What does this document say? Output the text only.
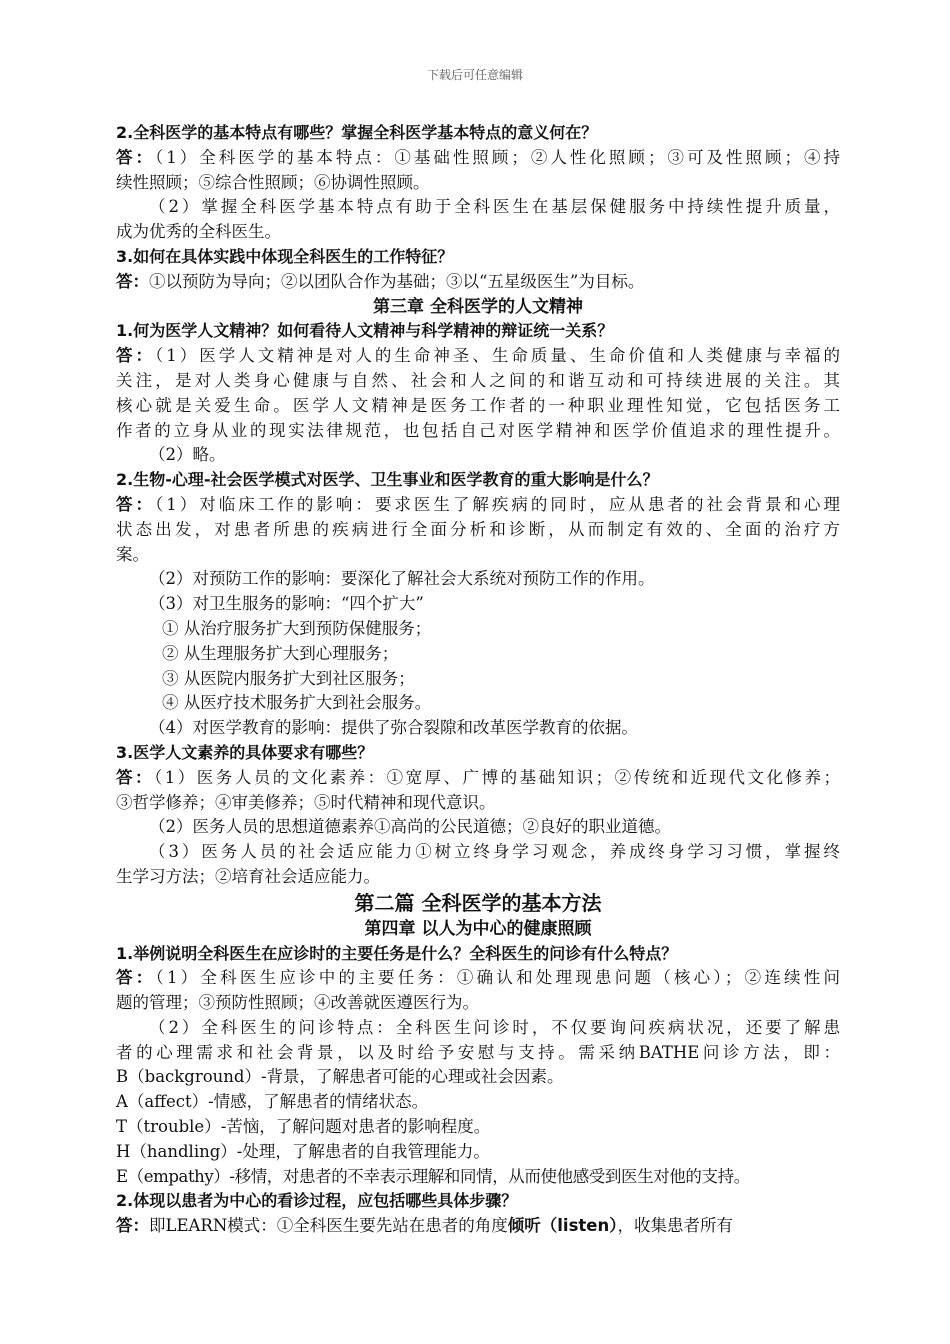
下载后可任意编辑
2.全科医学的基本特点有哪些？掌握全科医学基本特点的意义何在？
答：（1）全科医学的基本特点：①基础性照顾；②人性化照顾；③可及性照顾；④持
续性照顾；⑤综合性照顾；⑥协调性照顾。
（2）掌握全科医学基本特点有助于全科医生在基层保健服务中持续性提升质量，
成为优秀的全科医生。
3.如何在具体实践中体现全科医生的工作特征？
答：①以预防为导向；②以团队合作为基础；③以“五星级医生”为目标。
第三章 全科医学的人文精神
1.何为医学人文精神？如何看待人文精神与科学精神的辩证统一关系？
答：（1）医学人文精神是对人的生命神圣、生命质量、生命价值和人类健康与幸福的
关注，是对人类身心健康与自然、社会和人之间的和谐互动和可持续进展的关注。其
核心就是关爱生命。医学人文精神是医务工作者的一种职业理性知觉，它包括医务工
作者的立身从业的现实法律规范，也包括自己对医学精神和医学价值追求的理性提升。
（2）略。
2.生物-心理-社会医学模式对医学、卫生事业和医学教育的重大影响是什么？
答：（1）对临床工作的影响：要求医生了解疾病的同时，应从患者的社会背景和心理
状态出发，对患者所患的疾病进行全面分析和诊断，从而制定有效的、全面的治疗方
案。
（2）对预防工作的影响：要深化了解社会大系统对预防工作的作用。
（3）对卫生服务的影响：“四个扩大”
① 从治疗服务扩大到预防保健服务；
② 从生理服务扩大到心理服务；
③ 从医院内服务扩大到社区服务；
④ 从医疗技术服务扩大到社会服务。
（4）对医学教育的影响：提供了弥合裂隙和改革医学教育的依据。
3.医学人文素养的具体要求有哪些？
答：（1）医务人员的文化素养：①宽厚、广博的基础知识；②传统和近现代文化修养；
③哲学修养；④审美修养；⑤时代精神和现代意识。
（2）医务人员的思想道德素养①高尚的公民道德；②良好的职业道德。
（3）医务人员的社会适应能力①树立终身学习观念，养成终身学习习惯，掌握终
生学习方法；②培育社会适应能力。
第二篇 全科医学的基本方法
第四章 以人为中心的健康照顾
1.举例说明全科医生在应诊时的主要任务是什么？全科医生的问诊有什么特点？
答：（1）全科医生应诊中的主要任务：①确认和处理现患问题（核心）；②连续性问
题的管理；③预防性照顾；④改善就医遵医行为。
（2）全科医生的问诊特点：全科医生问诊时，不仅要询问疾病状况，还要了解患
者的心理需求和社会背景，以及时给予安慰与支持。需采纳BATHE问诊方法，即：
B（background）-背景，了解患者可能的心理或社会因素。
A（affect）-情感，了解患者的情绪状态。
T（trouble）-苦恼，了解问题对患者的影响程度。
H（handling）-处理，了解患者的自我管理能力。
E（empathy）-移情，对患者的不幸表示理解和同情，从而使他感受到医生对他的支持。
2.体现以患者为中心的看诊过程，应包括哪些具体步骤？
答：即LEARN模式：①全科医生要先站在患者的角度倾听（listen），收集患者所有
